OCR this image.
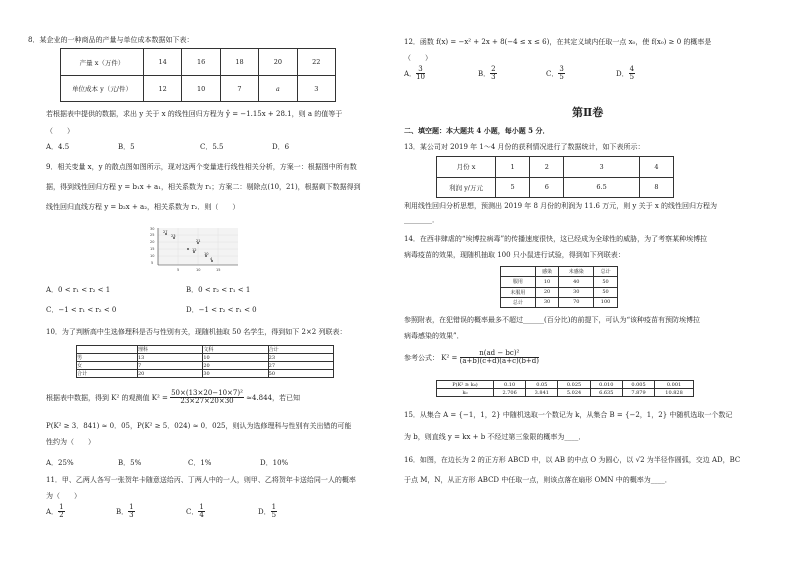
8．某企业的一种商品的产量与单位成本数据如下表：
产量 x（万件）	14	16	18	20	22
单位成本 y（元/件）	12	10	7	a	3
若根据表中提供的数据，求出 y 关于 x 的线性回归方程为 ŷ = −1.15x + 28.1，则 a 的值等于
（　　）
A．4.5	B．5	C．5.5	D．6
9．相关变量 x，y 的散点图如图所示，现对这两个变量进行线性相关分析，方案一：根据图中所有数
据，得到线性回归方程 y = b₁x + a₁，相关系数为 r₁；方案二：剔除点(10，21)，根据剩下数据得到
线性回归直线方程 y = b₂x + a₂，相关系数为 r₂．则（　　）
30
25
20
15
10
5
5	10	15
27
23
21
12
10
4
A．0 < r₁ < r₂ < 1	B．0 < r₂ < r₁ < 1
C．−1 < r₁ < r₂ < 0	D．−1 < r₂ < r₁ < 0
10．为了判断高中生选修理科是否与性别有关，现随机抽取 50 名学生，得到如下 2×2 列联表：
	理科	文科	合计
男	13	10	23
女	7	20	27
合计	20	30	50
根据表中数据，得到 K² 的观测值 $K^2 = \frac{\text{50×(13×20−10×7)²}}{23\times 27\times 20\times 30} \approx 4.844$，若已知
P(K² ≥ 3．841) ≈ 0．05，P(K² ≥ 5．024) ≈ 0．025，则认为选修理科与性别有关出错的可能
性约为（　　）
A．25%	B．5%	C．1%	D．10%
11．甲、乙两人各写一张贺年卡随意送给丙、丁两人中的一人，则甲、乙将贺年卡送给同一人的概率
为（　　）
A． $\frac{1}{2}$	B． $\frac{1}{3}$	C． $\frac{1}{4}$	D． $\frac{1}{5}$
12．函数 f(x) = −x² + 2x + 8(−4 ≤ x ≤ 6)，在其定义域内任取一点 x₀，使 f(x₀) ≥ 0 的概率是
（　　）
A． $\frac{3}{10}$	B． $\frac{2}{3}$	C． $\frac{3}{5}$	D． $\frac{4}{5}$
第Ⅱ卷
二、填空题：本大题共 4 小题，每小题 5 分．
13．某公司对 2019 年 1～4 月份的获利情况进行了数据统计，如下表所示：
月份 x	1	2	3	4
利润 y/万元	5	6	6.5	8
利用线性回归分析思想，预测出 2019 年 8 月份的利润为 11.6 万元，则 y 关于 x 的线性回归方程为
________．
14．在西非肆虐的“埃博拉病毒”的传播速度很快，这已经成为全球性的威胁，为了考察某种埃博拉
病毒疫苗的效果，现随机抽取 100 只小鼠进行试验，得到如下列联表：
	感染	未感染	总计
服用	10	40	50
未服用	20	30	50
总计	30	70	100
参照附表，在犯错误的概率最多不超过______(百分比)的前提下，可认为“该种疫苗有预防埃博拉
病毒感染的效果”．
参考公式： $K^2 = \frac{\text{n(ad − bc)²}}{(a+b)(c+d)(a+c)(b+d)}$
P(K² ≥ k₀)	0.10	0.05	0.025	0.010	0.005	0.001
k₀	2.706	3.841	5.024	6.635	7.879	10.828
15．从集合 A = {−1，1，2} 中随机选取一个数记为 k，从集合 B = {−2，1，2} 中随机选取一个数记
为 b，则直线 y = kx + b 不经过第三象限的概率为____．
16．如图，在边长为 2 的正方形 ABCD 中，以 AB 的中点 O 为圆心，以 √2 为半径作圆弧，交边 AD，BC
于点 M，N，从正方形 ABCD 中任取一点，则该点落在扇形 OMN 中的概率为____．
